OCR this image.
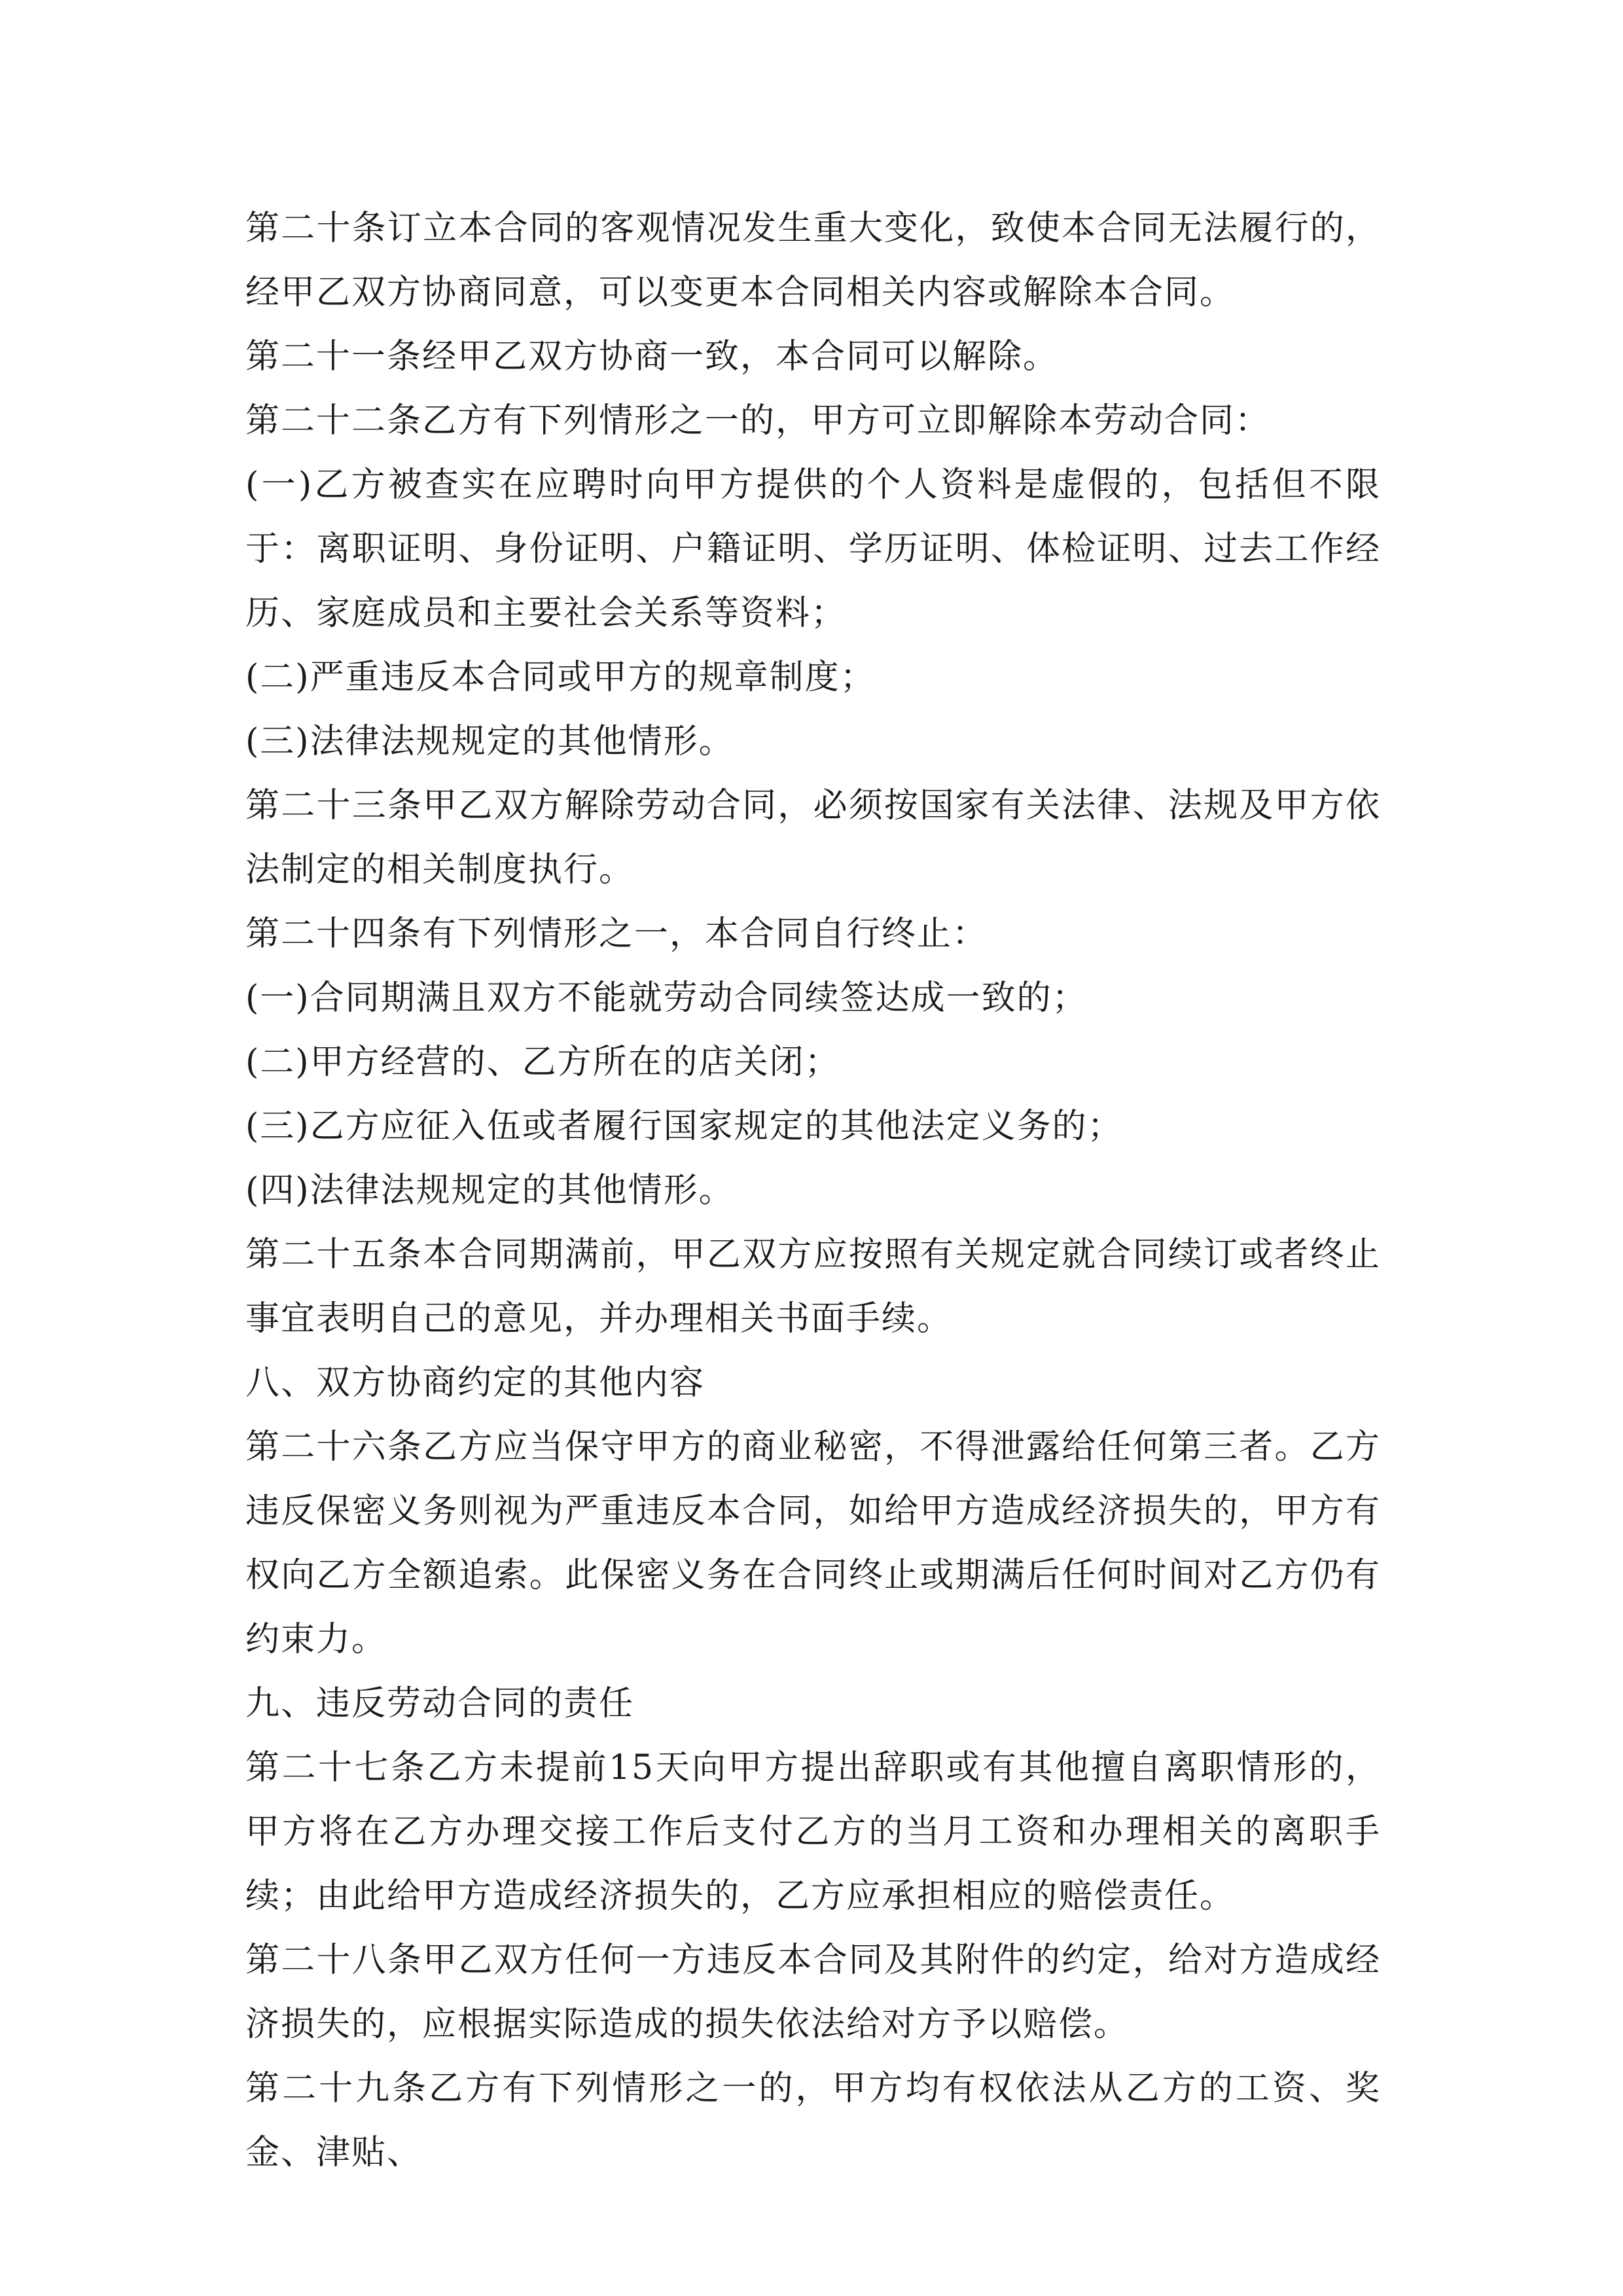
第二十条订立本合同的客观情况发生重大变化，致使本合同无法履行的，经甲乙双方协商同意，可以变更本合同相关内容或解除本合同。

第二十一条经甲乙双方协商一致，本合同可以解除。

第二十二条乙方有下列情形之一的，甲方可立即解除本劳动合同：

(一)乙方被查实在应聘时向甲方提供的个人资料是虚假的，包括但不限于：离职证明、身份证明、户籍证明、学历证明、体检证明、过去工作经历、家庭成员和主要社会关系等资料；

(二)严重违反本合同或甲方的规章制度；

(三)法律法规规定的其他情形。

第二十三条甲乙双方解除劳动合同，必须按国家有关法律、法规及甲方依法制定的相关制度执行。

第二十四条有下列情形之一，本合同自行终止：

(一)合同期满且双方不能就劳动合同续签达成一致的；

(二)甲方经营的、乙方所在的店关闭；

(三)乙方应征入伍或者履行国家规定的其他法定义务的；

(四)法律法规规定的其他情形。

第二十五条本合同期满前，甲乙双方应按照有关规定就合同续订或者终止事宜表明自己的意见，并办理相关书面手续。

八、双方协商约定的其他内容

第二十六条乙方应当保守甲方的商业秘密，不得泄露给任何第三者。乙方违反保密义务则视为严重违反本合同，如给甲方造成经济损失的，甲方有权向乙方全额追索。此保密义务在合同终止或期满后任何时间对乙方仍有约束力。

九、违反劳动合同的责任

第二十七条乙方未提前15天向甲方提出辞职或有其他擅自离职情形的，甲方将在乙方办理交接工作后支付乙方的当月工资和办理相关的离职手续；由此给甲方造成经济损失的，乙方应承担相应的赔偿责任。

第二十八条甲乙双方任何一方违反本合同及其附件的约定，给对方造成经济损失的，应根据实际造成的损失依法给对方予以赔偿。

第二十九条乙方有下列情形之一的，甲方均有权依法从乙方的工资、奖金、津贴、
